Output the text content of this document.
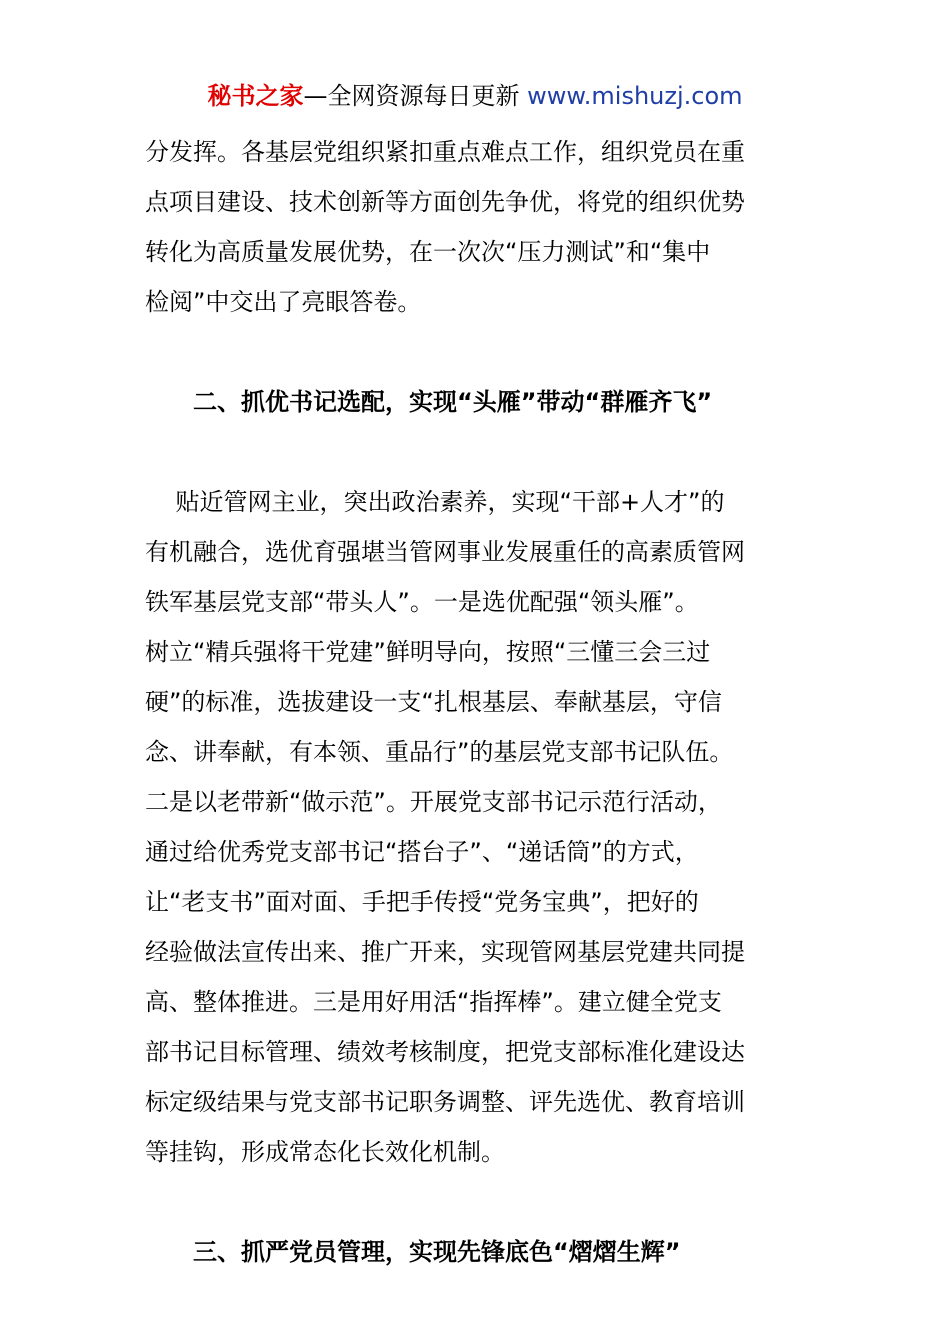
秘书之家—全网资源每日更新 www.mishuzj.com
分发挥。各基层党组织紧扣重点难点工作，组织党员在重
点项目建设、技术创新等方面创先争优，将党的组织优势
转化为高质量发展优势，在一次次“压力测试”和“集中
检阅”中交出了亮眼答卷。
二、抓优书记选配，实现“头雁”带动“群雁齐飞”
贴近管网主业，突出政治素养，实现“干部+人才”的
有机融合，选优育强堪当管网事业发展重任的高素质管网
铁军基层党支部“带头人”。一是选优配强“领头雁”。
树立“精兵强将干党建”鲜明导向，按照“三懂三会三过
硬”的标准，选拔建设一支“扎根基层、奉献基层，守信
念、讲奉献，有本领、重品行”的基层党支部书记队伍。
二是以老带新“做示范”。开展党支部书记示范行活动，
通过给优秀党支部书记“搭台子”、“递话筒”的方式，
让“老支书”面对面、手把手传授“党务宝典”，把好的
经验做法宣传出来、推广开来，实现管网基层党建共同提
高、整体推进。三是用好用活“指挥棒”。建立健全党支
部书记目标管理、绩效考核制度，把党支部标准化建设达
标定级结果与党支部书记职务调整、评先选优、教育培训
等挂钩，形成常态化长效化机制。
三、抓严党员管理，实现先锋底色“熠熠生辉”
